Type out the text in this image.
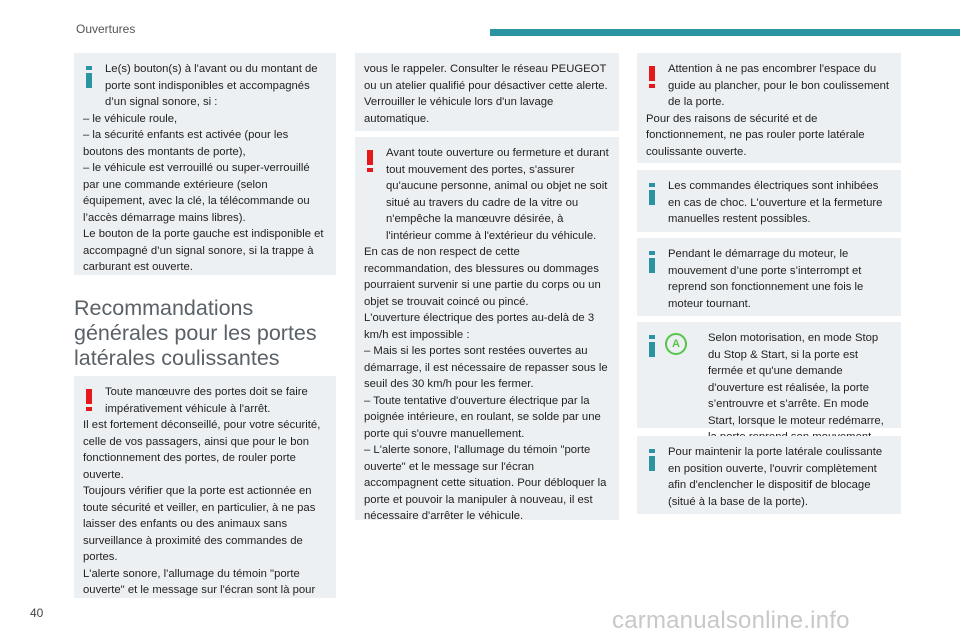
Ouvertures

Le(s) bouton(s) à l'avant ou du montant de porte sont indisponibles et accompagnés d’un signal sonore, si :

– le véhicule roule,

– la sécurité enfants est activée (pour les boutons des montants de porte),

– le véhicule est verrouillé ou super-verrouillé par une commande extérieure (selon équipement, avec la clé, la télécommande ou l’accès démarrage mains libres).

Le bouton de la porte gauche est indisponible et accompagné d’un signal sonore, si la trappe à carburant est ouverte.

Recommandations générales pour les portes latérales coulissantes

Toute manœuvre des portes doit se faire impérativement véhicule à l'arrêt.

Il est fortement déconseillé, pour votre sécurité, celle de vos passagers, ainsi que pour le bon fonctionnement des portes, de rouler porte ouverte.

Toujours vérifier que la porte est actionnée en toute sécurité et veiller, en particulier, à ne pas laisser des enfants ou des animaux sans surveillance à proximité des commandes de portes.

L'alerte sonore, l'allumage du témoin "porte ouverte" et le message sur l'écran sont là pour

vous le rappeler. Consulter le réseau PEUGEOT ou un atelier qualifié pour désactiver cette alerte.

Verrouiller le véhicule lors d'un lavage automatique.

Avant toute ouverture ou fermeture et durant tout mouvement des portes, s'assurer qu'aucune personne, animal ou objet ne soit situé au travers du cadre de la vitre ou n'empêche la manœuvre désirée, à l'intérieur comme à l'extérieur du véhicule.

En cas de non respect de cette recommandation, des blessures ou dommages pourraient survenir si une partie du corps ou un objet se trouvait coincé ou pincé.

L'ouverture électrique des portes au-delà de 3 km/h est impossible :

– Mais si les portes sont restées ouvertes au démarrage, il est nécessaire de repasser sous le seuil des 30 km/h pour les fermer.

– Toute tentative d'ouverture électrique par la poignée intérieure, en roulant, se solde par une porte qui s'ouvre manuellement.

– L'alerte sonore, l'allumage du témoin "porte ouverte" et le message sur l'écran accompagnent cette situation. Pour débloquer la porte et pouvoir la manipuler à nouveau, il est nécessaire d'arrêter le véhicule.

Attention à ne pas encombrer l'espace du guide au plancher, pour le bon coulissement de la porte.

Pour des raisons de sécurité et de fonctionnement, ne pas rouler porte latérale coulissante ouverte.

Les commandes électriques sont inhibées en cas de choc. L'ouverture et la fermeture manuelles restent possibles.

Pendant le démarrage du moteur, le mouvement d’une porte s’interrompt et reprend son fonctionnement une fois le moteur tournant.

A	Selon motorisation, en mode Stop du Stop & Start, si la porte est fermée et qu'une demande d'ouverture est réalisée, la porte s’entrouvre et s’arrête. En mode Start, lorsque le moteur redémarre,

Pour maintenir la porte latérale coulissante en position ouverte, l'ouvrir complètement afin d'enclencher le dispositif de blocage (situé à la base de la porte).

40	carmanualsonline.info
